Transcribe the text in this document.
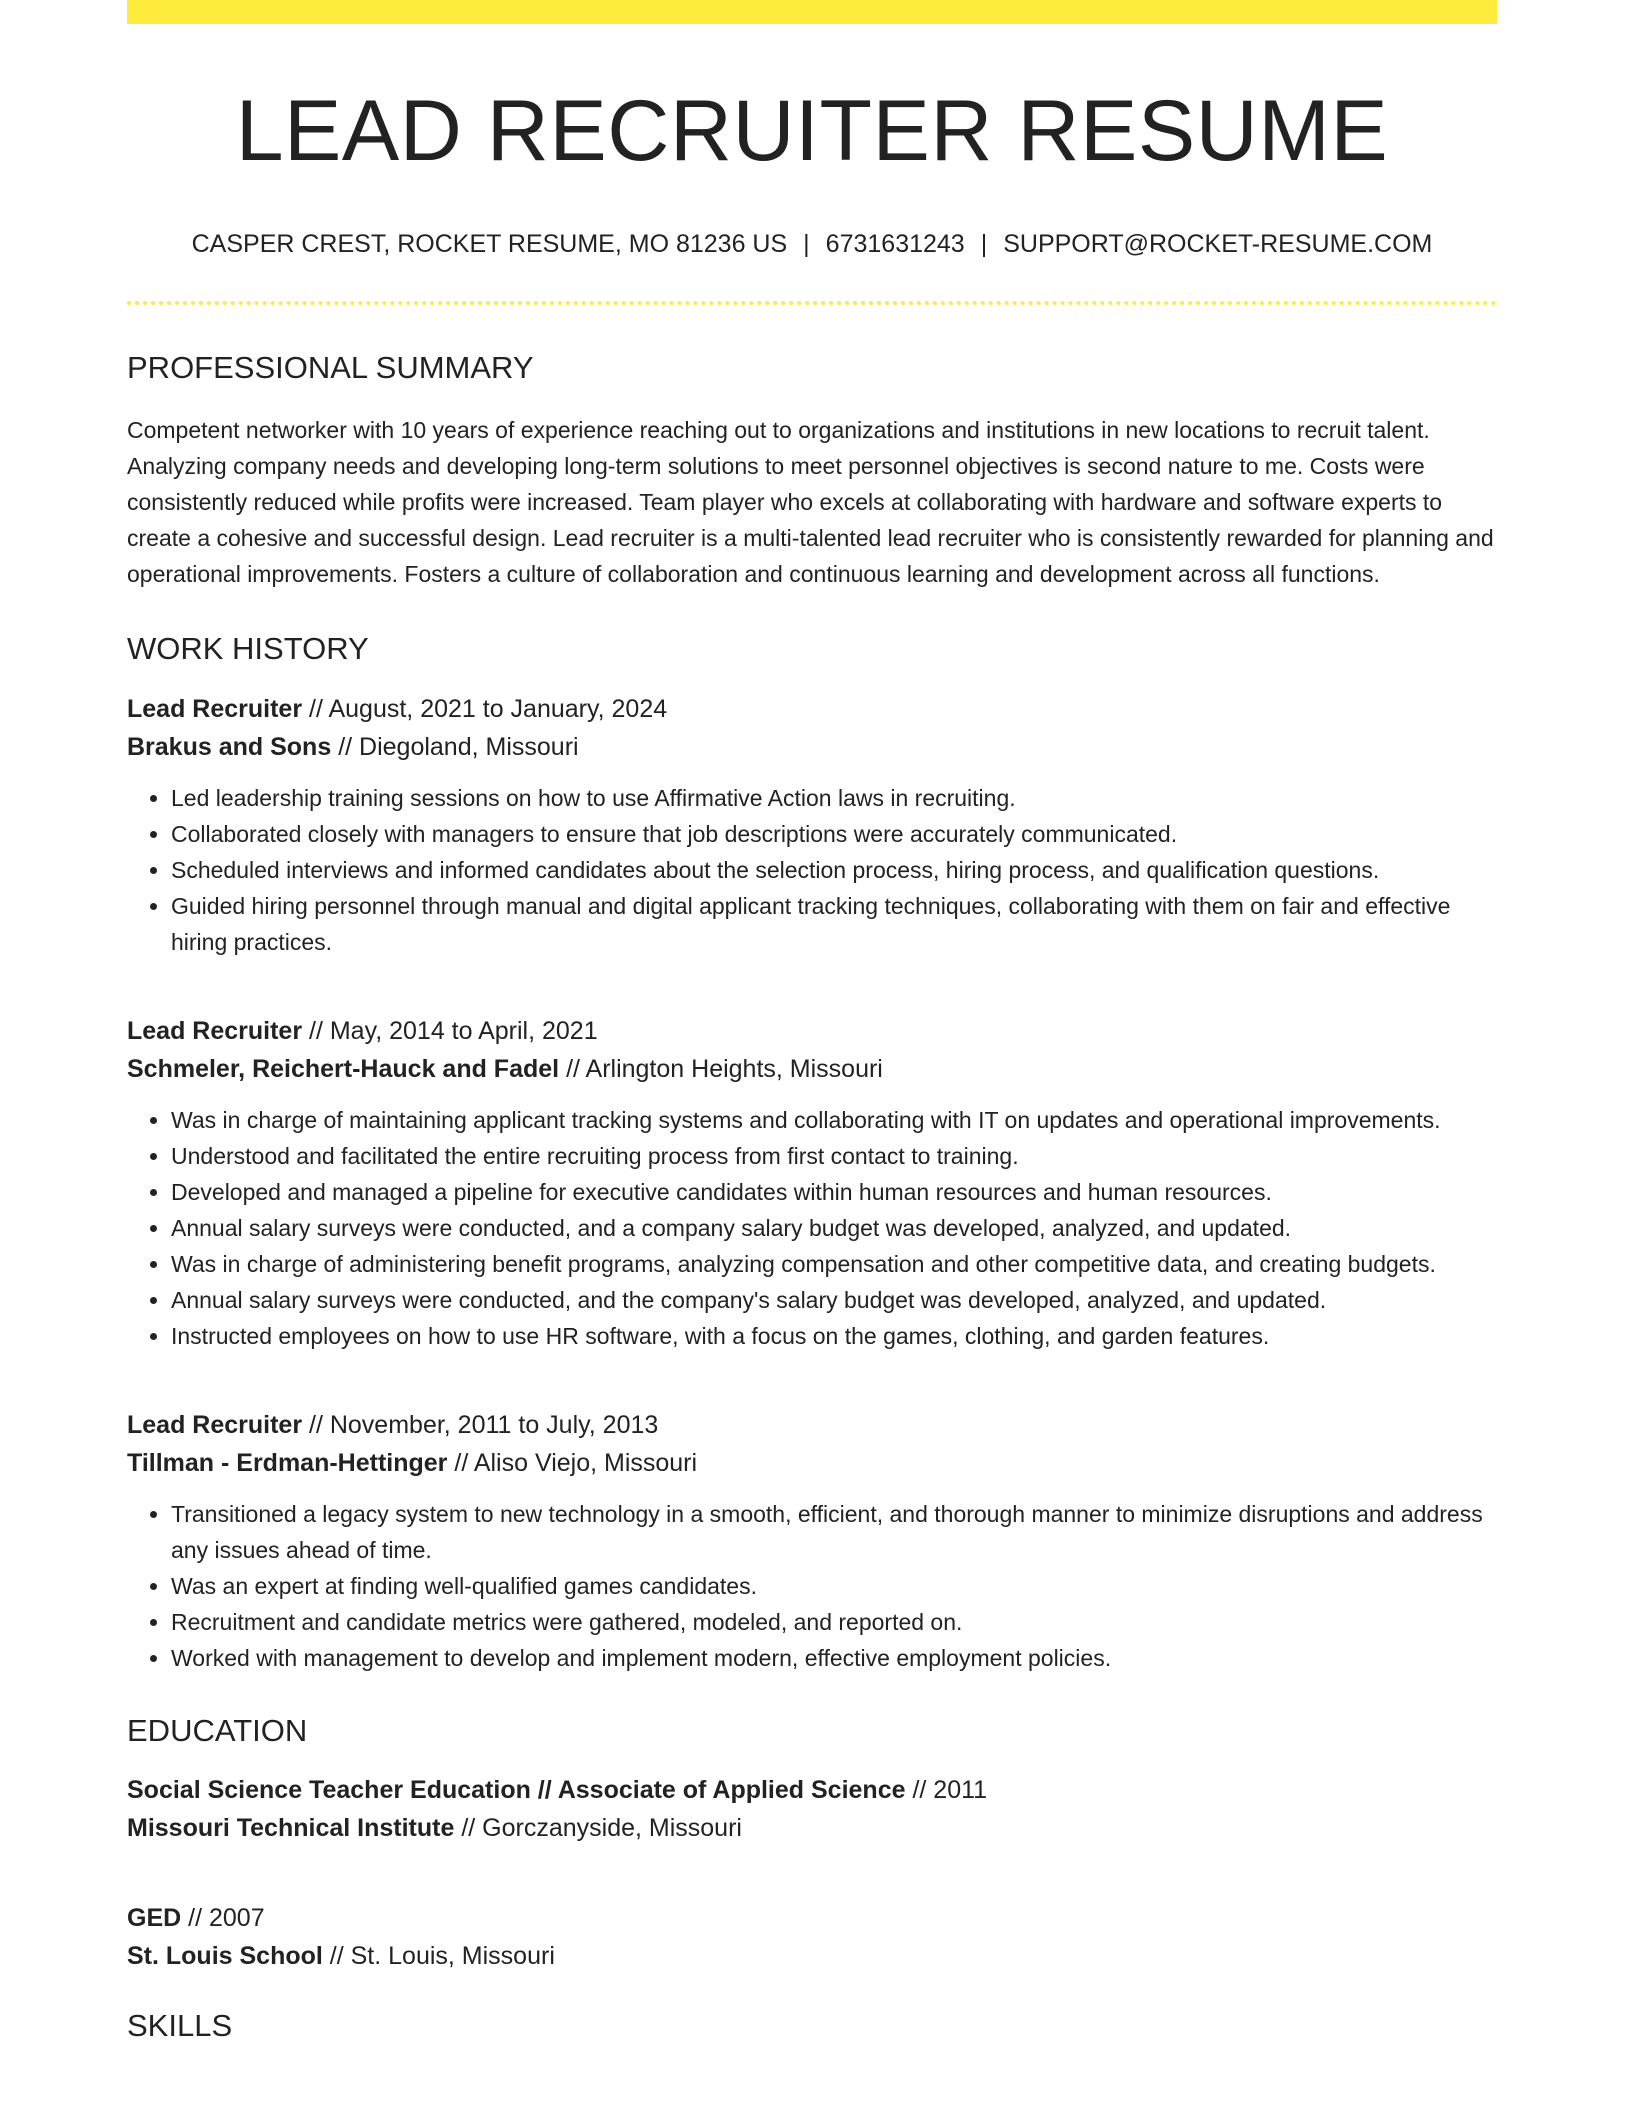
LEAD RECRUITER RESUME
CASPER CREST, ROCKET RESUME, MO 81236 US | 6731631243 | SUPPORT@ROCKET-RESUME.COM
PROFESSIONAL SUMMARY
Competent networker with 10 years of experience reaching out to organizations and institutions in new locations to recruit talent. Analyzing company needs and developing long-term solutions to meet personnel objectives is second nature to me. Costs were consistently reduced while profits were increased. Team player who excels at collaborating with hardware and software experts to create a cohesive and successful design. Lead recruiter is a multi-talented lead recruiter who is consistently rewarded for planning and operational improvements. Fosters a culture of collaboration and continuous learning and development across all functions.
WORK HISTORY
Lead Recruiter // August, 2021 to January, 2024
Brakus and Sons // Diegoland, Missouri
• Led leadership training sessions on how to use Affirmative Action laws in recruiting.
• Collaborated closely with managers to ensure that job descriptions were accurately communicated.
• Scheduled interviews and informed candidates about the selection process, hiring process, and qualification questions.
• Guided hiring personnel through manual and digital applicant tracking techniques, collaborating with them on fair and effective hiring practices.
Lead Recruiter // May, 2014 to April, 2021
Schmeler, Reichert-Hauck and Fadel // Arlington Heights, Missouri
• Was in charge of maintaining applicant tracking systems and collaborating with IT on updates and operational improvements.
• Understood and facilitated the entire recruiting process from first contact to training.
• Developed and managed a pipeline for executive candidates within human resources and human resources.
• Annual salary surveys were conducted, and a company salary budget was developed, analyzed, and updated.
• Was in charge of administering benefit programs, analyzing compensation and other competitive data, and creating budgets.
• Annual salary surveys were conducted, and the company's salary budget was developed, analyzed, and updated.
• Instructed employees on how to use HR software, with a focus on the games, clothing, and garden features.
Lead Recruiter // November, 2011 to July, 2013
Tillman - Erdman-Hettinger // Aliso Viejo, Missouri
• Transitioned a legacy system to new technology in a smooth, efficient, and thorough manner to minimize disruptions and address any issues ahead of time.
• Was an expert at finding well-qualified games candidates.
• Recruitment and candidate metrics were gathered, modeled, and reported on.
• Worked with management to develop and implement modern, effective employment policies.
EDUCATION
Social Science Teacher Education // Associate of Applied Science // 2011
Missouri Technical Institute // Gorczanyside, Missouri
GED // 2007
St. Louis School // St. Louis, Missouri
SKILLS
